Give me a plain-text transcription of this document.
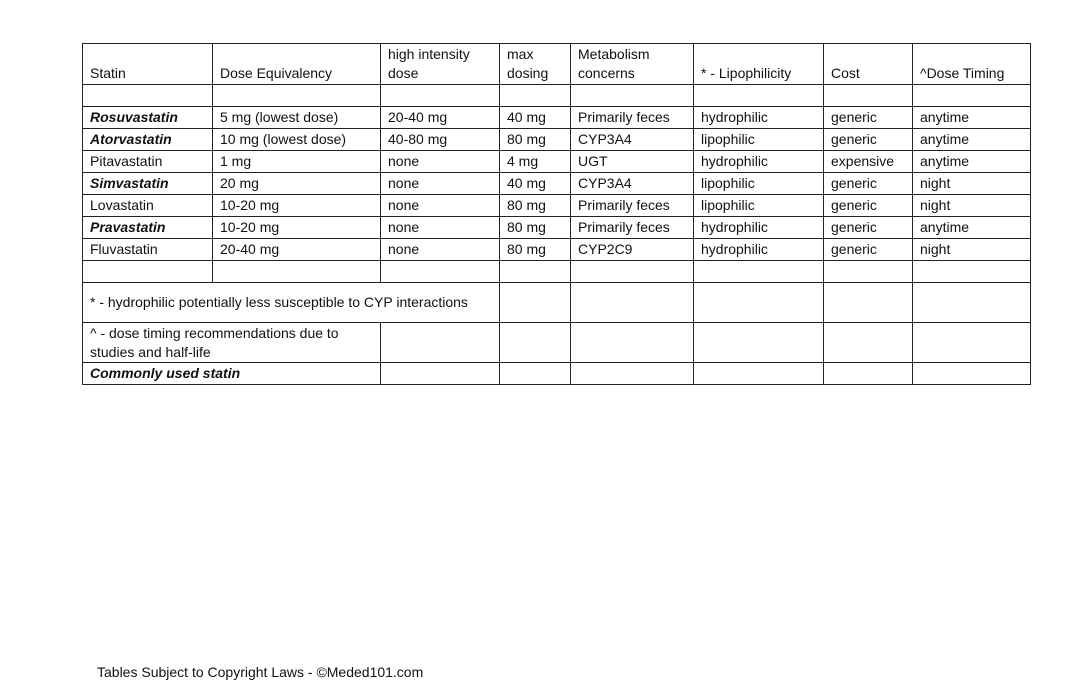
Statin	Dose Equivalency	high intensity dose	max dosing	Metabolism concerns	* - Lipophilicity	Cost	^Dose Timing

Rosuvastatin	5 mg (lowest dose)	20-40 mg	40 mg	Primarily feces	hydrophilic	generic	anytime
Atorvastatin	10 mg (lowest dose)	40-80 mg	80 mg	CYP3A4	lipophilic	generic	anytime
Pitavastatin	1 mg	none	4 mg	UGT	hydrophilic	expensive	anytime
Simvastatin	20 mg	none	40 mg	CYP3A4	lipophilic	generic	night
Lovastatin	10-20 mg	none	80 mg	Primarily feces	lipophilic	generic	night
Pravastatin	10-20 mg	none	80 mg	Primarily feces	hydrophilic	generic	anytime
Fluvastatin	20-40 mg	none	80 mg	CYP2C9	hydrophilic	generic	night

* - hydrophilic potentially less susceptible to CYP interactions							
^ - dose timing recommendations due to studies and half-life							
Commonly used statin							
Tables Subject to Copyright Laws - ©Meded101.com
